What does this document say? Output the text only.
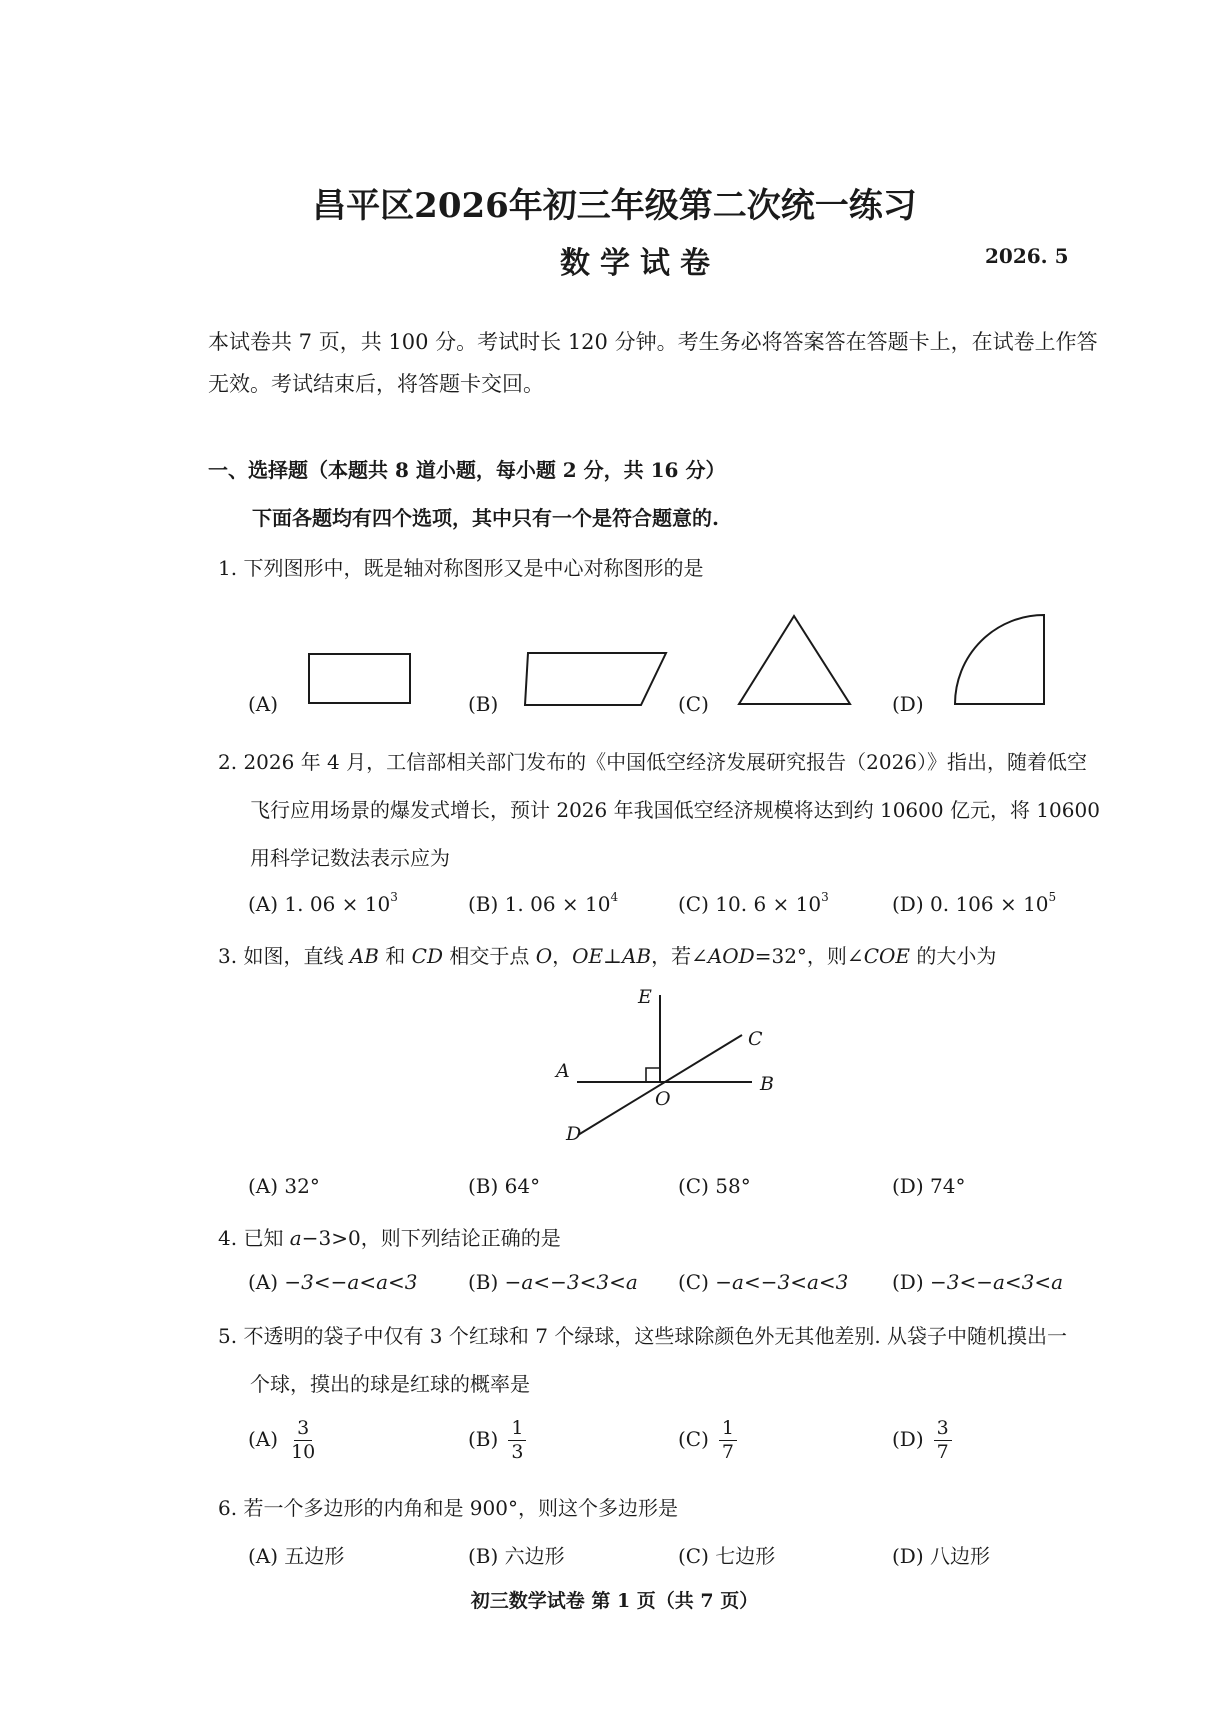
昌平区2026年初三年级第二次统一练习
数学试卷	2026. 5
本试卷共 7 页，共 100 分。考试时长 120 分钟。考生务必将答案答在答题卡上，在试卷上作答
无效。考试结束后，将答题卡交回。
一、选择题（本题共 8 道小题，每小题 2 分，共 16 分）
下面各题均有四个选项，其中只有一个是符合题意的.
1. 下列图形中，既是轴对称图形又是中心对称图形的是
(A)	(B)	(C)	(D)
2. 2026 年 4 月，工信部相关部门发布的《中国低空经济发展研究报告（2026）》指出，随着低空
飞行应用场景的爆发式增长，预计 2026 年我国低空经济规模将达到约 10600 亿元，将 10600
用科学记数法表示应为
(A) 1. $06 \times 10^3$	(B) 1. $06 \times 10^4$	(C) 10. $6 \times 10^3$	(D) 0. $106 \times 10^5$
3. 如图，直线 AB 和 CD 相交于点 O，OE⊥AB，若∠AOD=32°，则∠COE 的大小为
E
C
A
B
O
D
(A) 32°	(B) 64°	(C) 58°	(D) 74°
4. 已知 a−3>0，则下列结论正确的是
(A) −3<−a<a<3	(B) −a<−3<3<a (C) −a<−3<a<3 (D) −3<−a<3<a
5. 不透明的袋子中仅有 3 个红球和 7 个绿球，这些球除颜色外无其他差别. 从袋子中随机摸出一
个球，摸出的球是红球的概率是
$(A) \frac{3}{10}$	$(B) \frac{1}{3}$	$(C) \frac{1}{7}$	$(D) \frac{3}{7}$
6. 若一个多边形的内角和是 900°，则这个多边形是
(A) 五边形	(B) 六边形	(C) 七边形	(D) 八边形
初三数学试卷 第 1 页（共 7 页）
